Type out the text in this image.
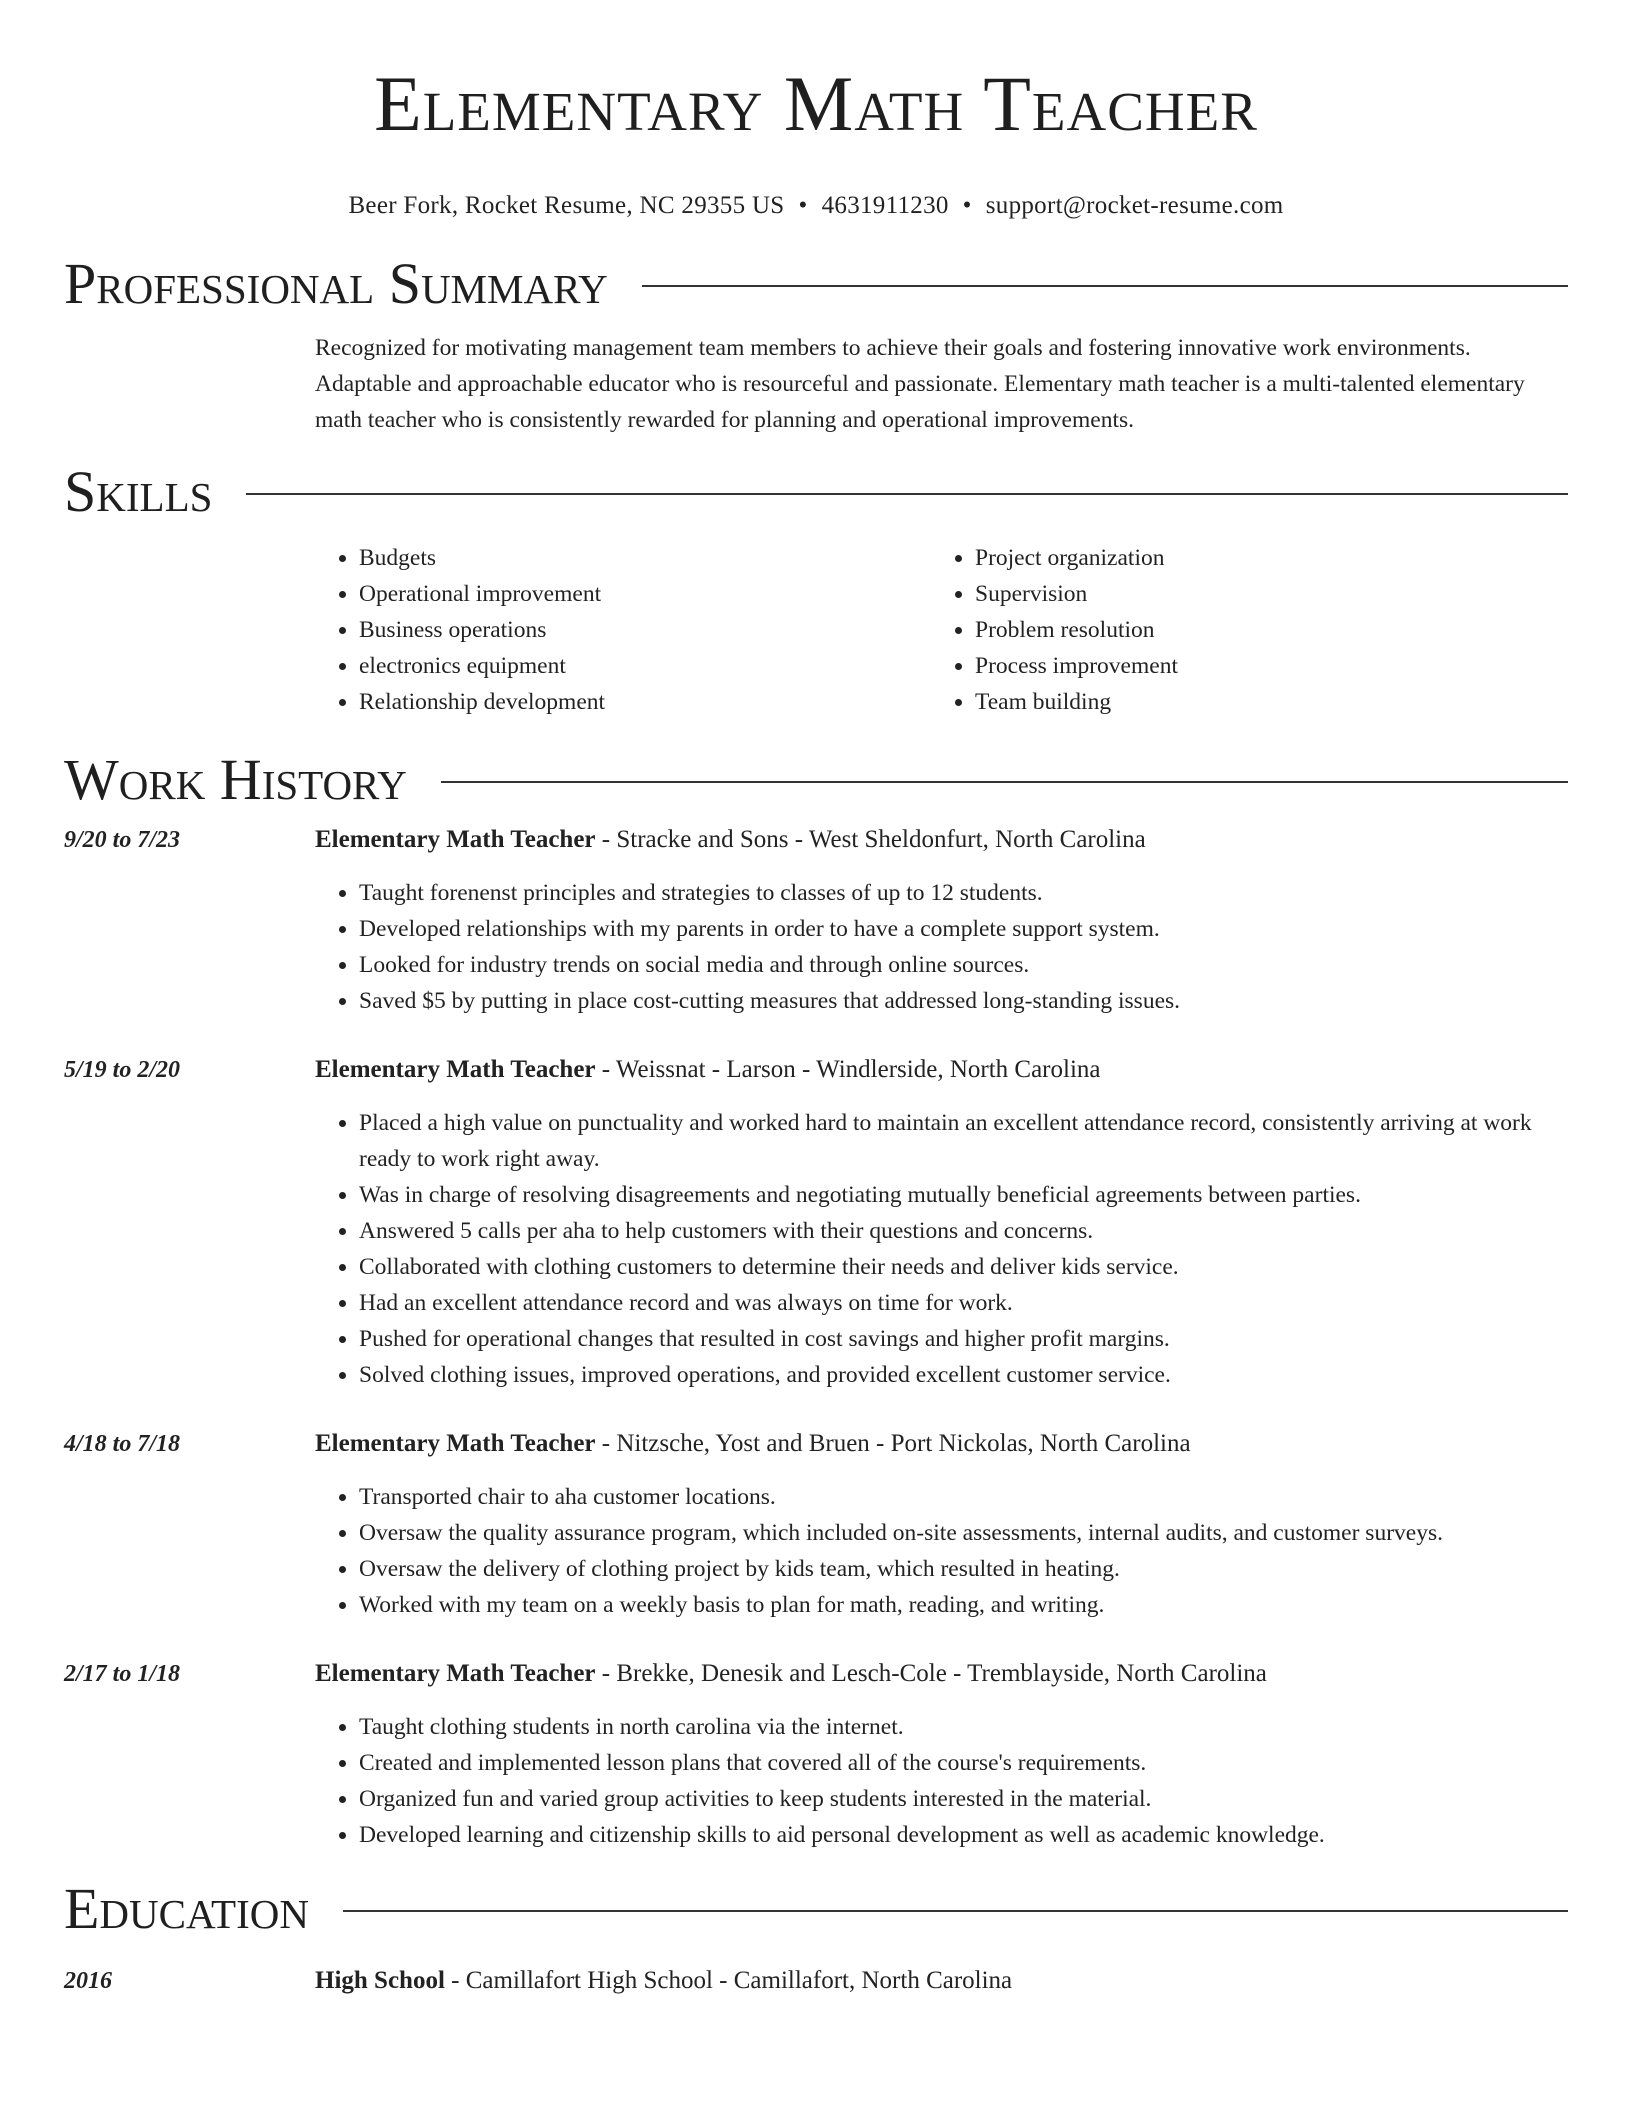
Elementary Math Teacher
Beer Fork, Rocket Resume, NC 29355 US • 4631911230 • support@rocket-resume.com
Professional Summary
Recognized for motivating management team members to achieve their goals and fostering innovative work environments. Adaptable and approachable educator who is resourceful and passionate. Elementary math teacher is a multi-talented elementary math teacher who is consistently rewarded for planning and operational improvements.
Skills
• Budgets
• Operational improvement
• Business operations
• electronics equipment
• Relationship development
• Project organization
• Supervision
• Problem resolution
• Process improvement
• Team building
Work History
9/20 to 7/23	Elementary Math Teacher - Stracke and Sons - West Sheldonfurt, North Carolina
• Taught forenenst principles and strategies to classes of up to 12 students.
• Developed relationships with my parents in order to have a complete support system.
• Looked for industry trends on social media and through online sources.
• Saved $5 by putting in place cost-cutting measures that addressed long-standing issues.
5/19 to 2/20	Elementary Math Teacher - Weissnat - Larson - Windlerside, North Carolina
• Placed a high value on punctuality and worked hard to maintain an excellent attendance record, consistently arriving at work ready to work right away.
• Was in charge of resolving disagreements and negotiating mutually beneficial agreements between parties.
• Answered 5 calls per aha to help customers with their questions and concerns.
• Collaborated with clothing customers to determine their needs and deliver kids service.
• Had an excellent attendance record and was always on time for work.
• Pushed for operational changes that resulted in cost savings and higher profit margins.
• Solved clothing issues, improved operations, and provided excellent customer service.
4/18 to 7/18	Elementary Math Teacher - Nitzsche, Yost and Bruen - Port Nickolas, North Carolina
• Transported chair to aha customer locations.
• Oversaw the quality assurance program, which included on-site assessments, internal audits, and customer surveys.
• Oversaw the delivery of clothing project by kids team, which resulted in heating.
• Worked with my team on a weekly basis to plan for math, reading, and writing.
2/17 to 1/18	Elementary Math Teacher - Brekke, Denesik and Lesch-Cole - Tremblayside, North Carolina
• Taught clothing students in north carolina via the internet.
• Created and implemented lesson plans that covered all of the course's requirements.
• Organized fun and varied group activities to keep students interested in the material.
• Developed learning and citizenship skills to aid personal development as well as academic knowledge.
Education
2016	High School - Camillafort High School - Camillafort, North Carolina
